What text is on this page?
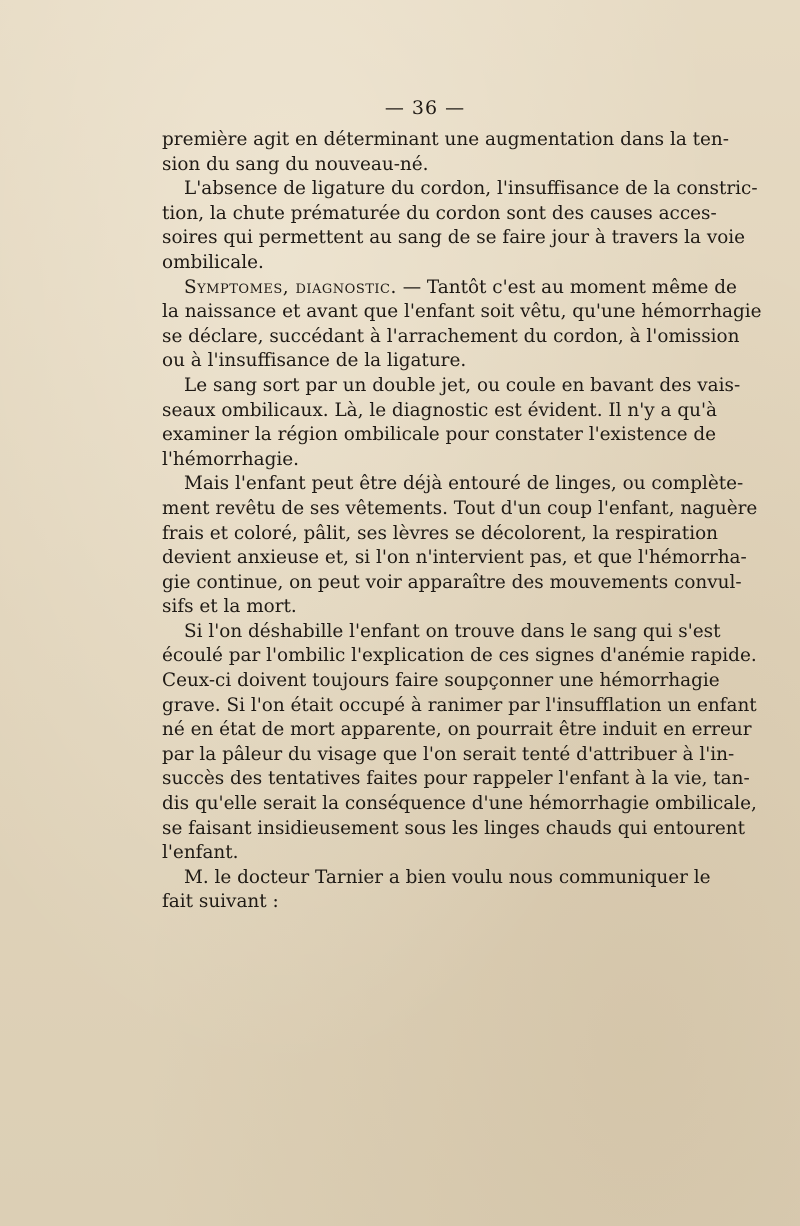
— 36 —
première agit en déterminant une augmentation dans la ten-
sion du sang du nouveau-né.
L'absence de ligature du cordon, l'insuffisance de la constric-
tion, la chute prématurée du cordon sont des causes acces-
soires qui permettent au sang de se faire jour à travers la voie
ombilicale.
Symptomes, diagnostic. — Tantôt c'est au moment même de
la naissance et avant que l'enfant soit vêtu, qu'une hémorrhagie
se déclare, succédant à l'arrachement du cordon, à l'omission
ou à l'insuffisance de la ligature.
Le sang sort par un double jet, ou coule en bavant des vais-
seaux ombilicaux. Là, le diagnostic est évident. Il n'y a qu'à
examiner la région ombilicale pour constater l'existence de
l'hémorrhagie.
Mais l'enfant peut être déjà entouré de linges, ou complète-
ment revêtu de ses vêtements. Tout d'un coup l'enfant, naguère
frais et coloré, pâlit, ses lèvres se décolorent, la respiration
devient anxieuse et, si l'on n'intervient pas, et que l'hémorrha-
gie continue, on peut voir apparaître des mouvements convul-
sifs et la mort.
Si l'on déshabille l'enfant on trouve dans le sang qui s'est
écoulé par l'ombilic l'explication de ces signes d'anémie rapide.
Ceux-ci doivent toujours faire soupçonner une hémorrhagie
grave. Si l'on était occupé à ranimer par l'insufflation un enfant
né en état de mort apparente, on pourrait être induit en erreur
par la pâleur du visage que l'on serait tenté d'attribuer à l'in-
succès des tentatives faites pour rappeler l'enfant à la vie, tan-
dis qu'elle serait la conséquence d'une hémorrhagie ombilicale,
se faisant insidieusement sous les linges chauds qui entourent
l'enfant.
M. le docteur Tarnier a bien voulu nous communiquer le
fait suivant :
